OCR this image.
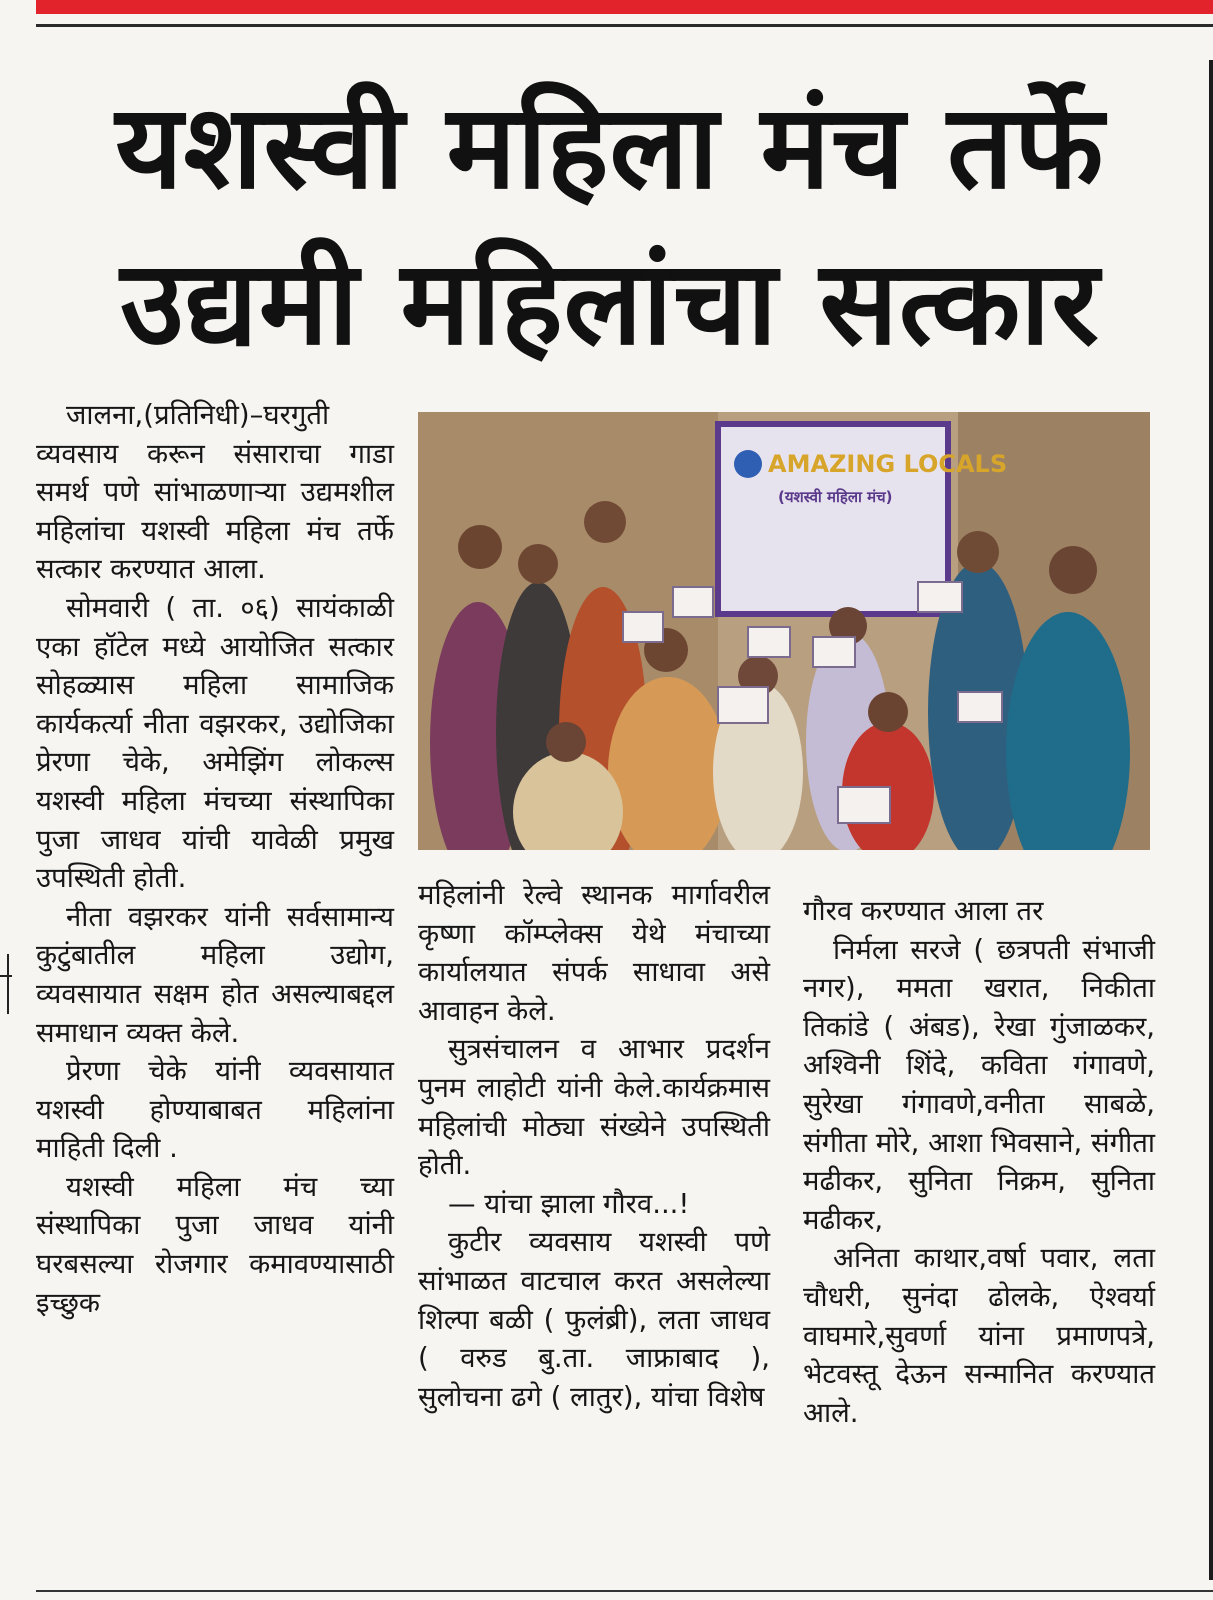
यशस्वी महिला मंच तर्फे
उद्यमी महिलांचा सत्कार

जालना,(प्रतिनिधी)–घरगुती व्यवसाय करून संसाराचा गाडा समर्थ पणे सांभाळणाऱ्या उद्यमशील महिलांचा यशस्वी महिला मंच तर्फे सत्कार करण्यात आला.

सोमवारी ( ता. ०६) सायंकाळी एका हॉटेल मध्ये आयोजित सत्कार सोहळ्यास महिला सामाजिक कार्यकर्त्या नीता वझरकर, उद्योजिका प्रेरणा चेके, अमेझिंग लोकल्स यशस्वी महिला मंचच्या संस्थापिका पुजा जाधव यांची यावेळी प्रमुख उपस्थिती होती.

नीता वझरकर यांनी सर्वसामान्य कुटुंबातील महिला उद्योग, व्यवसायात सक्षम होत असल्याबद्दल समाधान व्यक्त केले.

प्रेरणा चेके यांनी व्यवसायात यशस्वी होण्याबाबत महिलांना माहिती दिली .

यशस्वी महिला मंच च्या संस्थापिका पुजा जाधव यांनी घरबसल्या रोजगार कमावण्यासाठी इच्छुक

AMAZING LOCALS
(यशस्वी महिला मंच)

महिलांनी रेल्वे स्थानक मार्गावरील कृष्णा कॉम्प्लेक्स येथे मंचाच्या कार्यालयात संपर्क साधावा असे आवाहन केले.

सुत्रसंचालन व आभार प्रदर्शन पुनम लाहोटी यांनी केले.कार्यक्रमास महिलांची मोठ्या संख्येने उपस्थिती होती.

— यांचा झाला गौरव...!

कुटीर व्यवसाय यशस्वी पणे सांभाळत वाटचाल करत असलेल्या शिल्पा बळी ( फुलंब्री), लता जाधव ( वरुड बु.ता. जाफ्राबाद ), सुलोचना ढगे ( लातुर), यांचा विशेष

गौरव करण्यात आला तर

निर्मला सरजे ( छत्रपती संभाजी नगर), ममता खरात, निकीता तिकांडे ( अंबड), रेखा गुंजाळकर, अश्विनी शिंदे, कविता गंगावणे, सुरेखा गंगावणे,वनीता साबळे, संगीता मोरे, आशा भिवसाने, संगीता मढीकर, सुनिता निक्रम, सुनिता मढीकर,

अनिता काथार,वर्षा पवार, लता चौधरी, सुनंदा ढोलके, ऐश्वर्या वाघमारे,सुवर्णा यांना प्रमाणपत्रे, भेटवस्तू देऊन सन्मानित करण्यात आले.
